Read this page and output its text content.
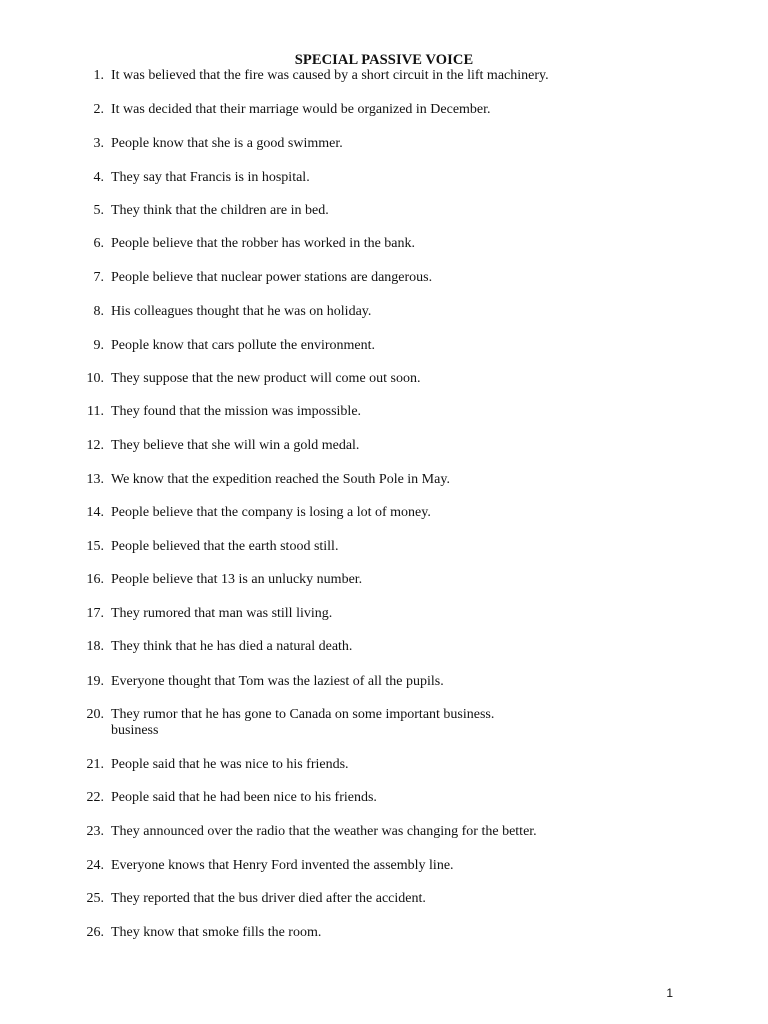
SPECIAL PASSIVE VOICE
1. It was believed that the fire was caused by a short circuit in the lift machinery.
2. It was decided that their marriage would be organized in December.
3. People know that she is a good swimmer.
4. They say that Francis is in hospital.
5. They think that the children are in bed.
6. People believe that the robber has worked in the bank.
7. People believe that nuclear power stations are dangerous.
8. His colleagues thought that he was on holiday.
9. People know that cars pollute the environment.
10. They suppose that the new product will come out soon.
11. They found that the mission was impossible.
12. They believe that she will win a gold medal.
13. We know that the expedition reached the South Pole in May.
14. People believe that the company is losing a lot of money.
15. People believed that the earth stood still.
16. People believe that 13 is an unlucky number.
17. They rumored that man was still living.
18. They think that he has died a natural death.
19. Everyone thought that Tom was the laziest of all the pupils.
20. They rumor that he has gone to Canada on some important business.
business
21. People said that he was nice to his friends.
22. People said that he had been nice to his friends.
23. They announced over the radio that the weather was changing for the better.
24. Everyone knows that Henry Ford invented the assembly line.
25. They reported that the bus driver died after the accident.
26. They know that smoke fills the room.
1
